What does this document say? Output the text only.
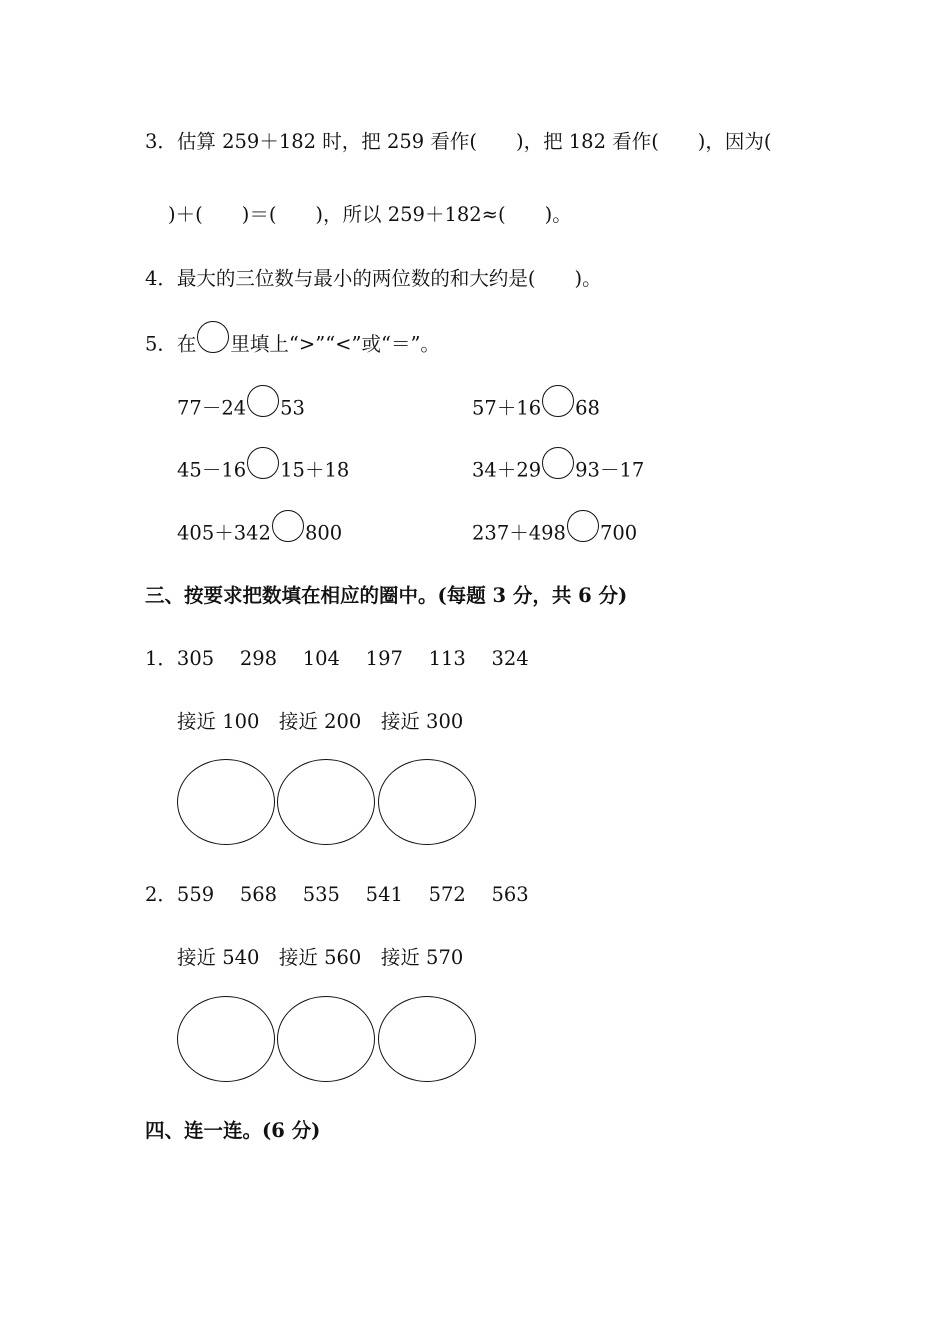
3．估算 259＋182 时，把 259 看作(　　)，把 182 看作(　　)，因为(
)＋(　　)＝(　　)，所以 259＋182≈(　　)。
4．最大的三位数与最小的两位数的和大约是(　　)。
5．在 里填上“>”“<”或“＝”。
77－24 53	57＋16 68
45－16 15＋18	34＋29 93－17
405＋342 800	237＋498 700
三、按要求把数填在相应的圈中。(每题 3 分，共 6 分)
1．305　 298　 104　 197　 113　 324
接近 100　接近 200　接近 300
2．559　 568　 535　 541　 572　 563
接近 540　接近 560　接近 570
四、连一连。(6 分)
